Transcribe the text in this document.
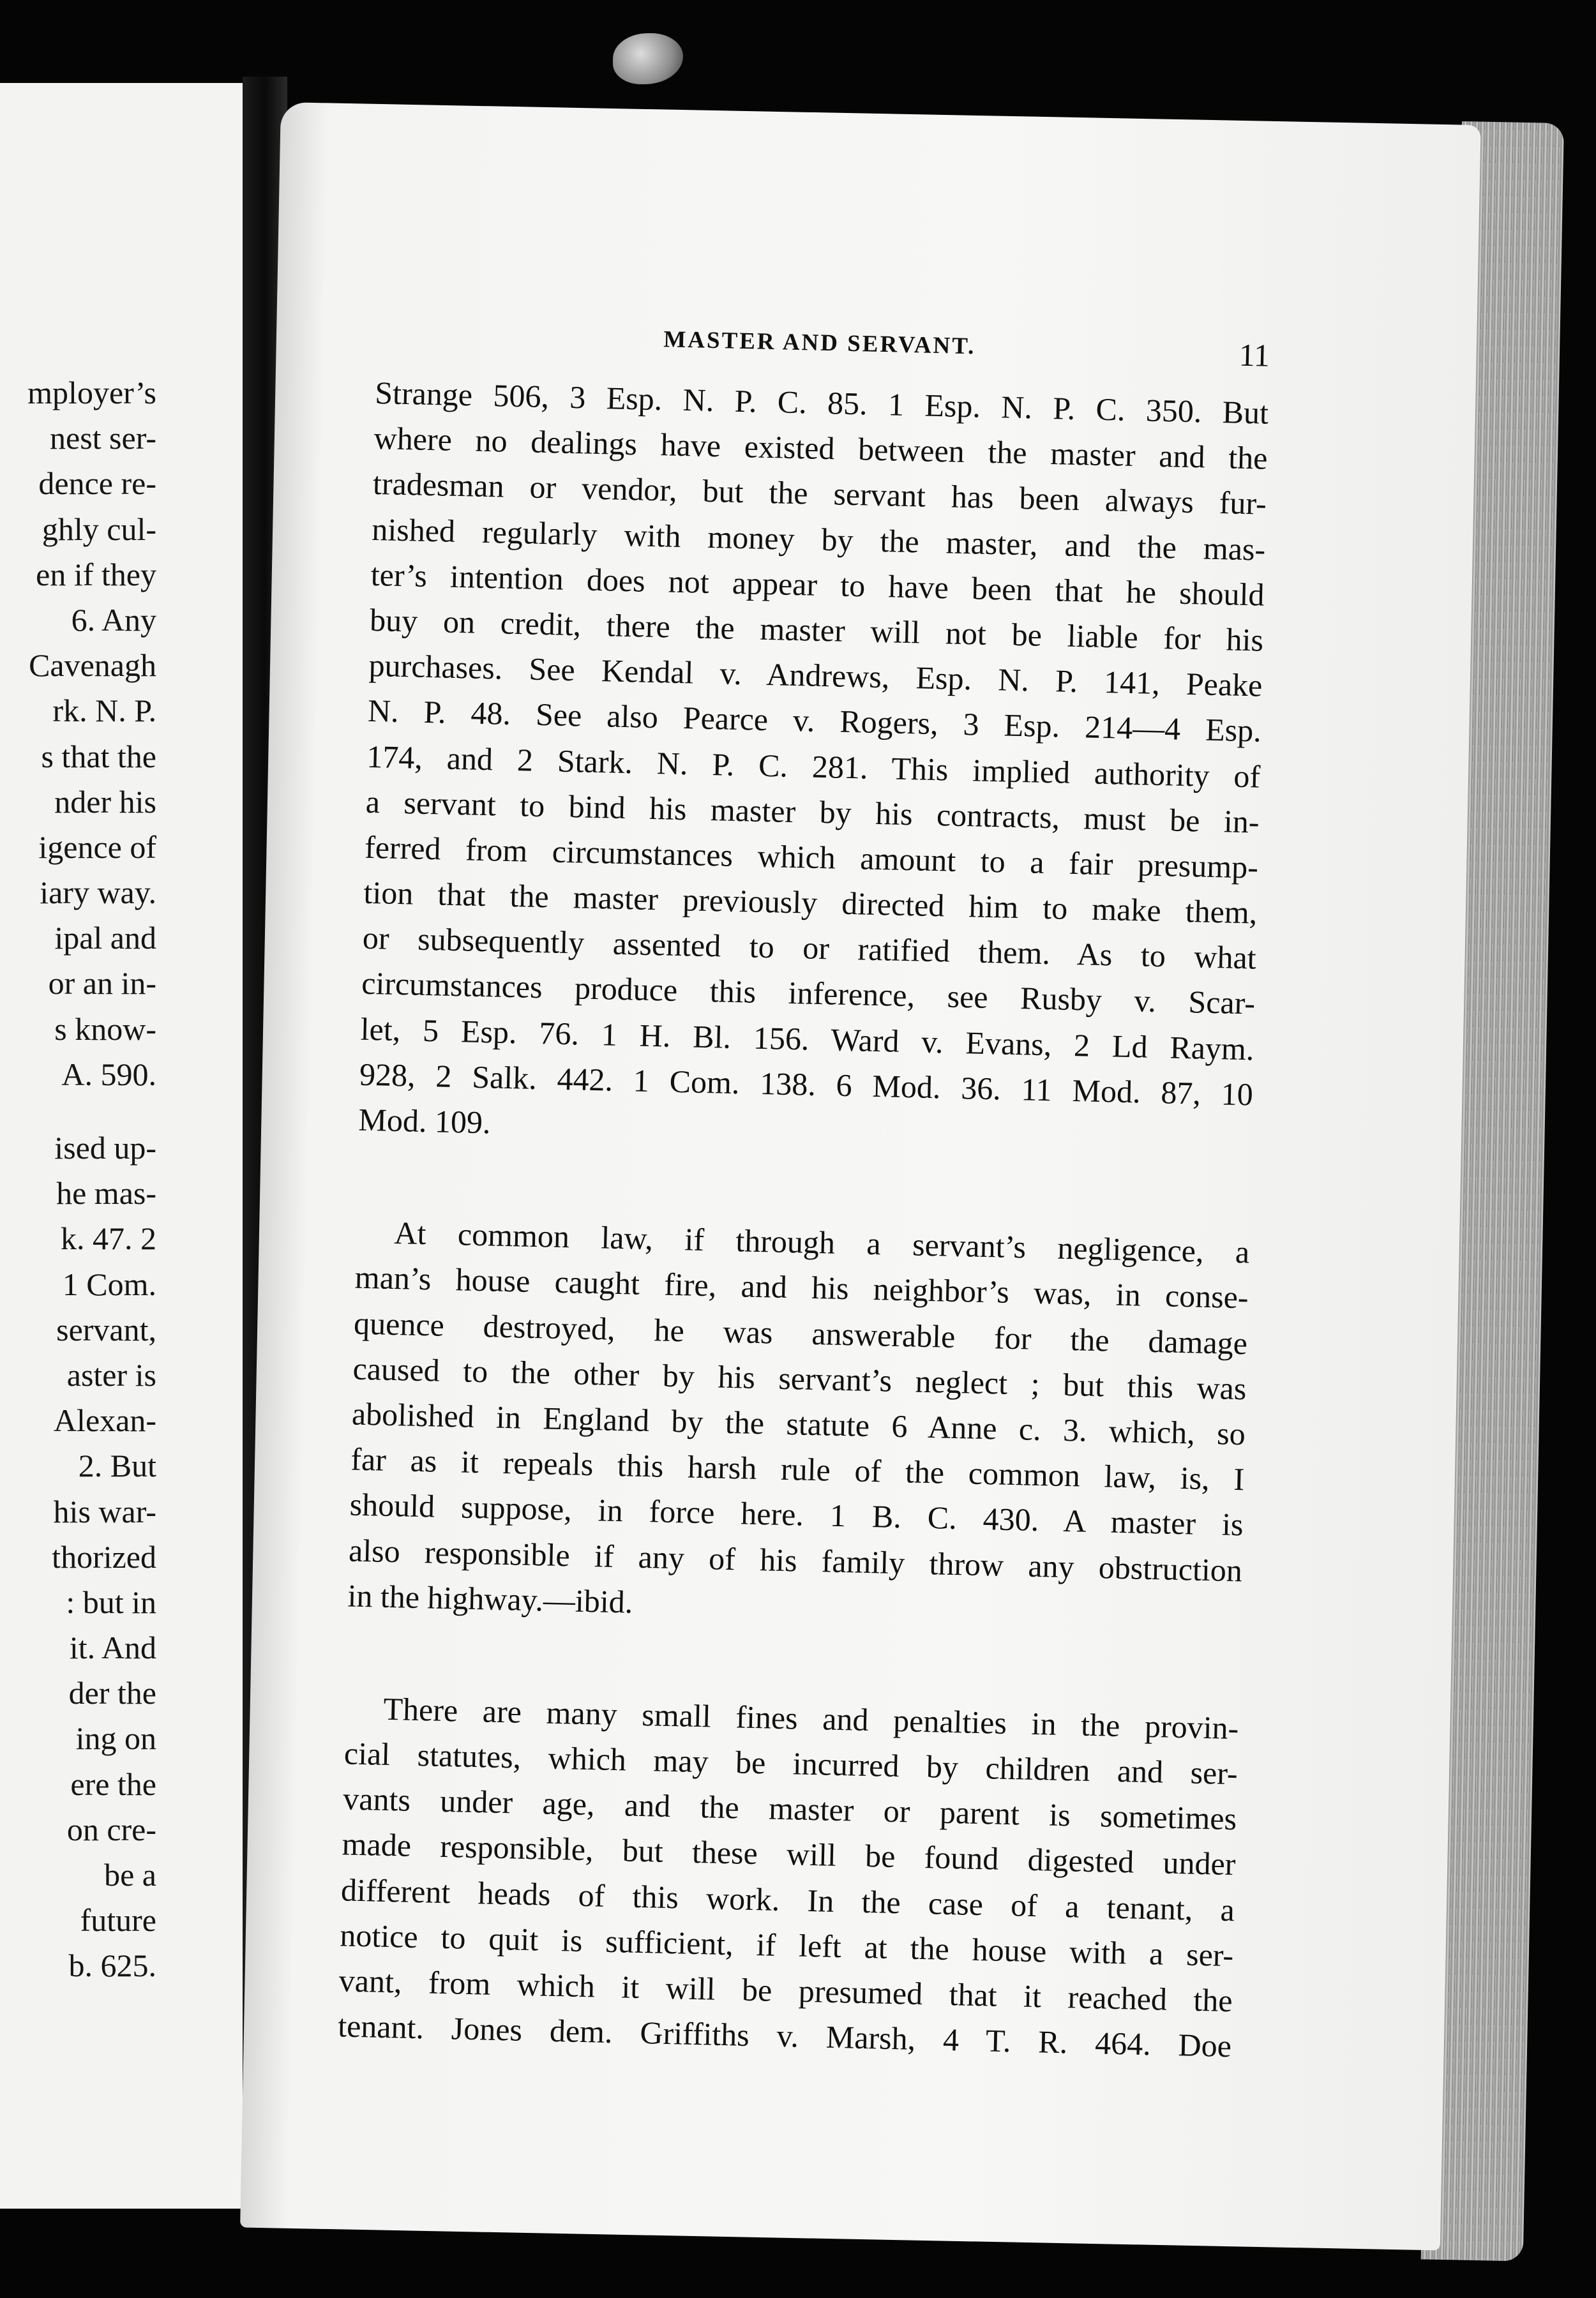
mployer’s
nest ser-
dence re-
ghly cul-
en if they
6. Any
Cavenagh
rk. N. P.
s that the
nder his
igence of
iary way.
ipal and
or an in-
s know-
A. 590.
ised up-
he mas-
k. 47. 2
1 Com.
servant,
aster is
Alexan-
2. But
his war-
thorized
: but in
it. And
der the
ing on
ere the
on cre-
be a
future
b. 625.
MASTER AND SERVANT.	11
Strange 506, 3 Esp. N. P. C. 85. 1 Esp. N. P. C. 350. But
where no dealings have existed between the master and the
tradesman or vendor, but the servant has been always fur-
nished regularly with money by the master, and the mas-
ter’s intention does not appear to have been that he should
buy on credit, there the master will not be liable for his
purchases. See Kendal v. Andrews, Esp. N. P. 141, Peake
N. P. 48. See also Pearce v. Rogers, 3 Esp. 214—4 Esp.
174, and 2 Stark. N. P. C. 281. This implied authority of
a servant to bind his master by his contracts, must be in-
ferred from circumstances which amount to a fair presump-
tion that the master previously directed him to make them,
or subsequently assented to or ratified them. As to what
circumstances produce this inference, see Rusby v. Scar-
let, 5 Esp. 76. 1 H. Bl. 156. Ward v. Evans, 2 Ld Raym.
928, 2 Salk. 442. 1 Com. 138. 6 Mod. 36. 11 Mod. 87, 10
Mod. 109.
At common law, if through a servant’s negligence, a
man’s house caught fire, and his neighbor’s was, in conse-
quence destroyed, he was answerable for the damage
caused to the other by his servant’s neglect ; but this was
abolished in England by the statute 6 Anne c. 3. which, so
far as it repeals this harsh rule of the common law, is, I
should suppose, in force here. 1 B. C. 430. A master is
also responsible if any of his family throw any obstruction
in the highway.—ibid.
There are many small fines and penalties in the provin-
cial statutes, which may be incurred by children and ser-
vants under age, and the master or parent is sometimes
made responsible, but these will be found digested under
different heads of this work. In the case of a tenant, a
notice to quit is sufficient, if left at the house with a ser-
vant, from which it will be presumed that it reached the
tenant. Jones dem. Griffiths v. Marsh, 4 T. R. 464. Doe
